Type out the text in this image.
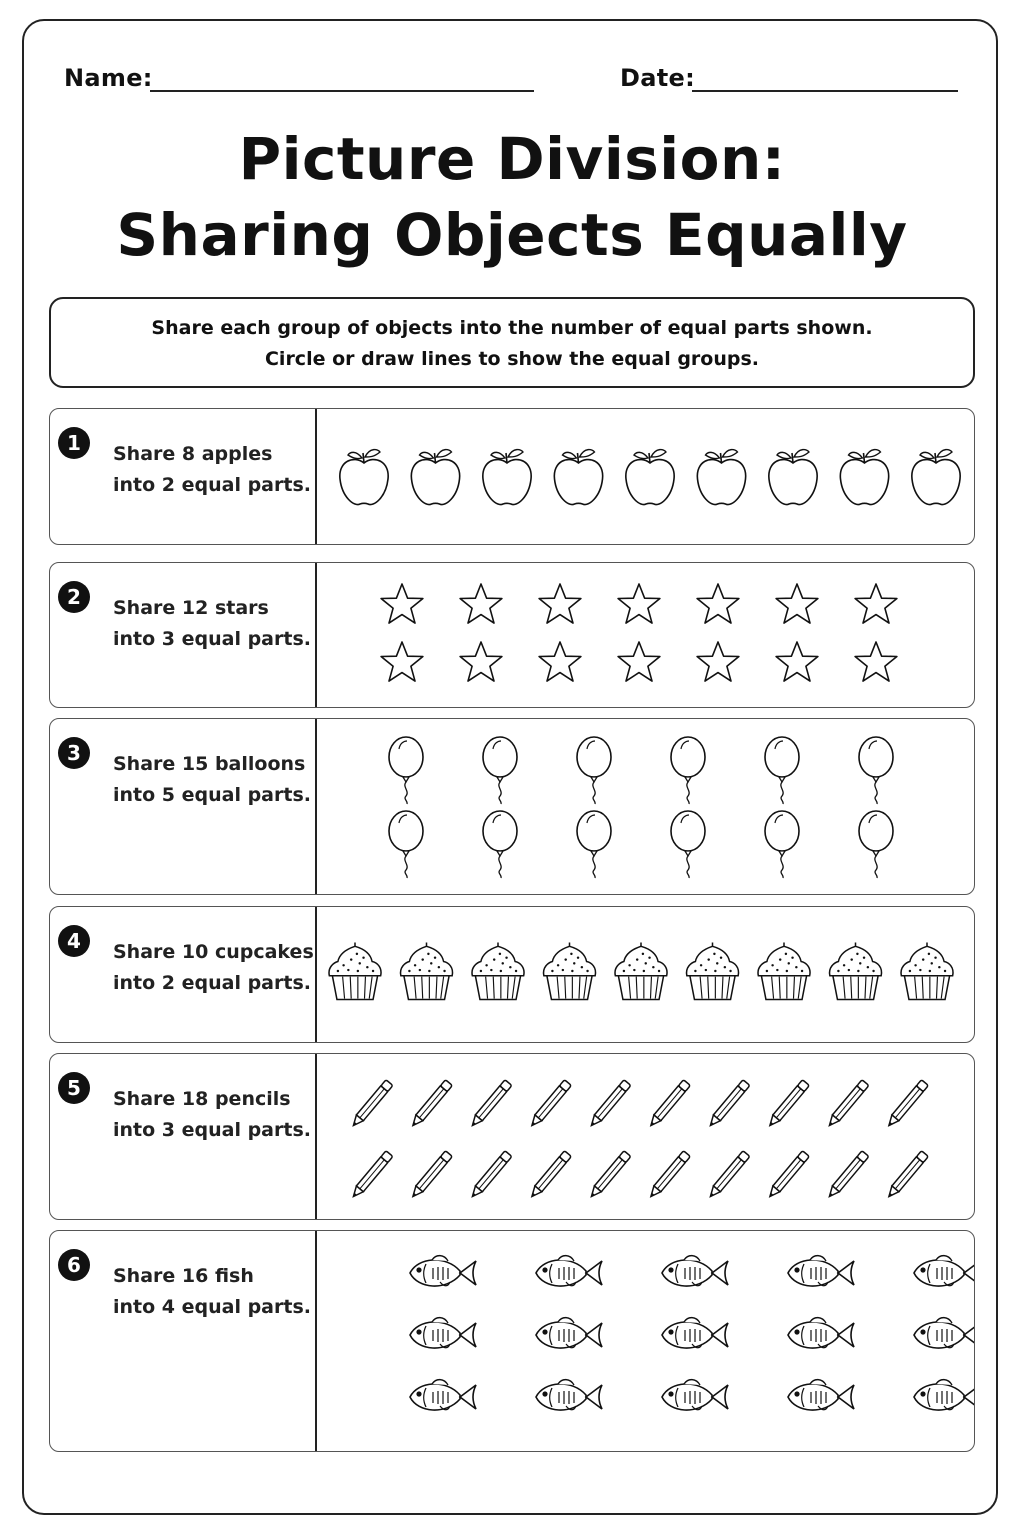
Name:	Date:
Picture Division:
Sharing Objects Equally
Share each group of objects into the number of equal parts shown.
Circle or draw lines to show the equal groups.
1	Share 8 apples
into 2 equal parts.
2	Share 12 stars
into 3 equal parts.
3	Share 15 balloons
into 5 equal parts.
4	Share 10 cupcakes
into 2 equal parts.
5	Share 18 pencils
into 3 equal parts.
6	Share 16 fish
into 4 equal parts.
